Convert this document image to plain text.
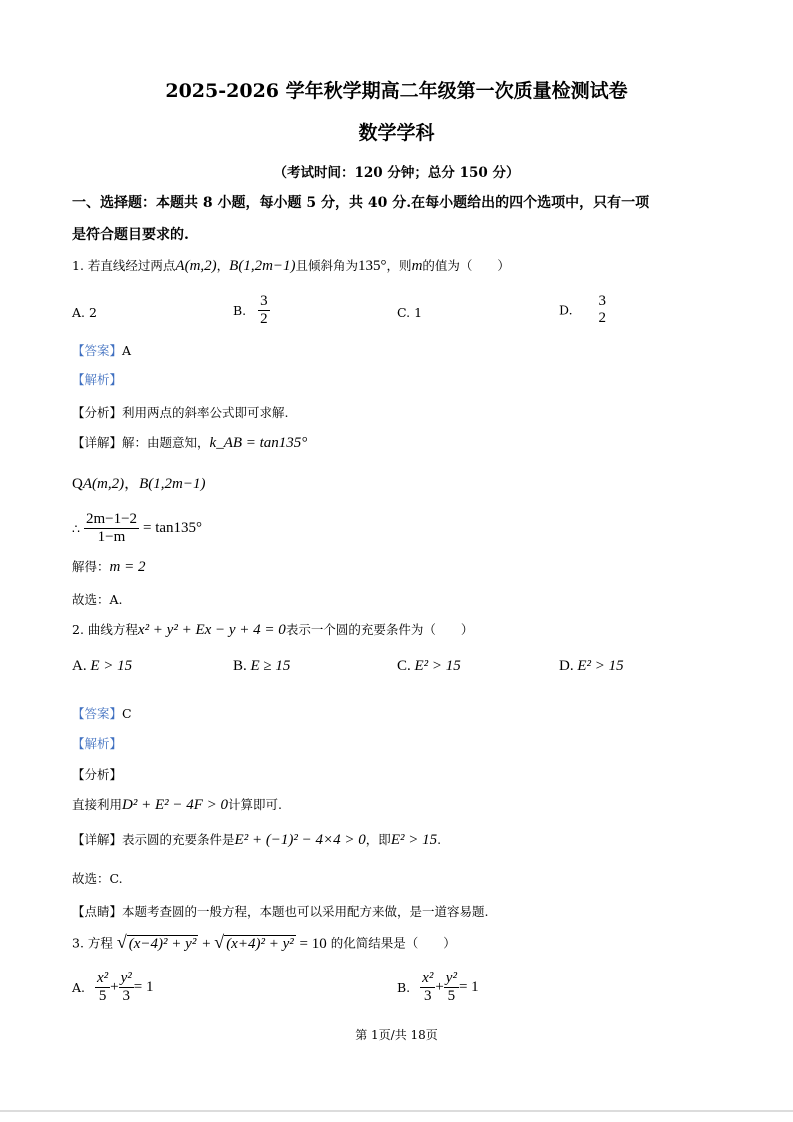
2025-2026 学年秋学期高二年级第一次质量检测试卷
数学学科
（考试时间：120 分钟；总分 150 分）
一、选择题：本题共 8 小题，每小题 5 分，共 40 分.在每小题给出的四个选项中，只有一项
是符合题目要求的.
1. 若直线经过两点A(m,2)，B(1,2m−1)且倾斜角为135°，则m的值为（　　）
A. 2	B. $\frac{3}{2}$	C. 1	D.
3
2
【答案】A
【解析】
【分析】利用两点的斜率公式即可求解.
【详解】解：由题意知，k_AB = tan135°
QA(m,2)，B(1,2m−1)
∴ $\frac{2m-1-2}{1-m} = \tan 135^\circ$
解得：m = 2
故选：A.
2. 曲线方程x² + y² + Ex − y + 4 = 0表示一个圆的充要条件为（　　）
A. E > 15	B. E ≥ 15	C. E² > 15	D. E² > 15
【答案】C
【解析】
【分析】
直接利用D² + E² − 4F > 0计算即可.
【详解】表示圆的充要条件是E² + (−1)² − 4×4 > 0，即E² > 15.
故选：C.
【点睛】本题考查圆的一般方程，本题也可以采用配方来做，是一道容易题.
3. 方程 √ (x−4)² + y² + √ (x+4)² + y² = 10 的化简结果是（　　）
A. $\frac{\text{x²}}{5} + \frac{\text{y²}}{3} = 1$	B. $\frac{\text{x²}}{3} + \frac{\text{y²}}{5} = 1$
第 1页/共 18页
